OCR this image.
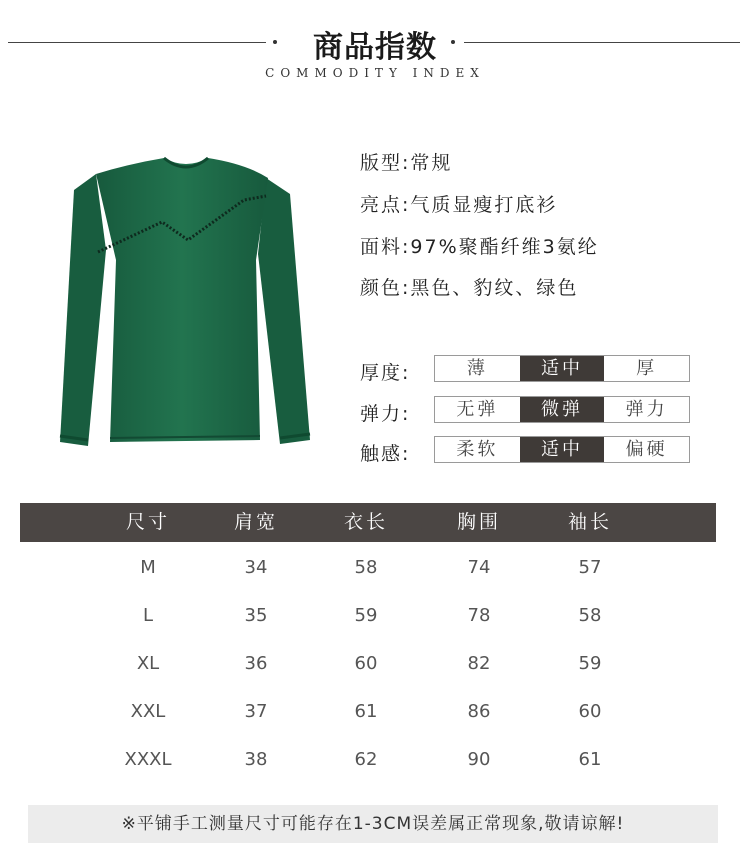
商品指数
COMMODITY INDEX
版型:常规
亮点:气质显瘦打底衫
面料:97%聚酯纤维3氨纶
颜色:黑色、豹纹、绿色
厚度:	薄	适中	厚
弹力:	无弹	微弹	弹力
触感:	柔软	适中	偏硬
尺寸	肩宽	衣长	胸围	袖长
M	34	58	74	57
L	35	59	78	58
XL	36	60	82	59
XXL	37	61	86	60
XXXL	38	62	90	61
※平铺手工测量尺寸可能存在1-3CM误差属正常现象,敬请谅解!
